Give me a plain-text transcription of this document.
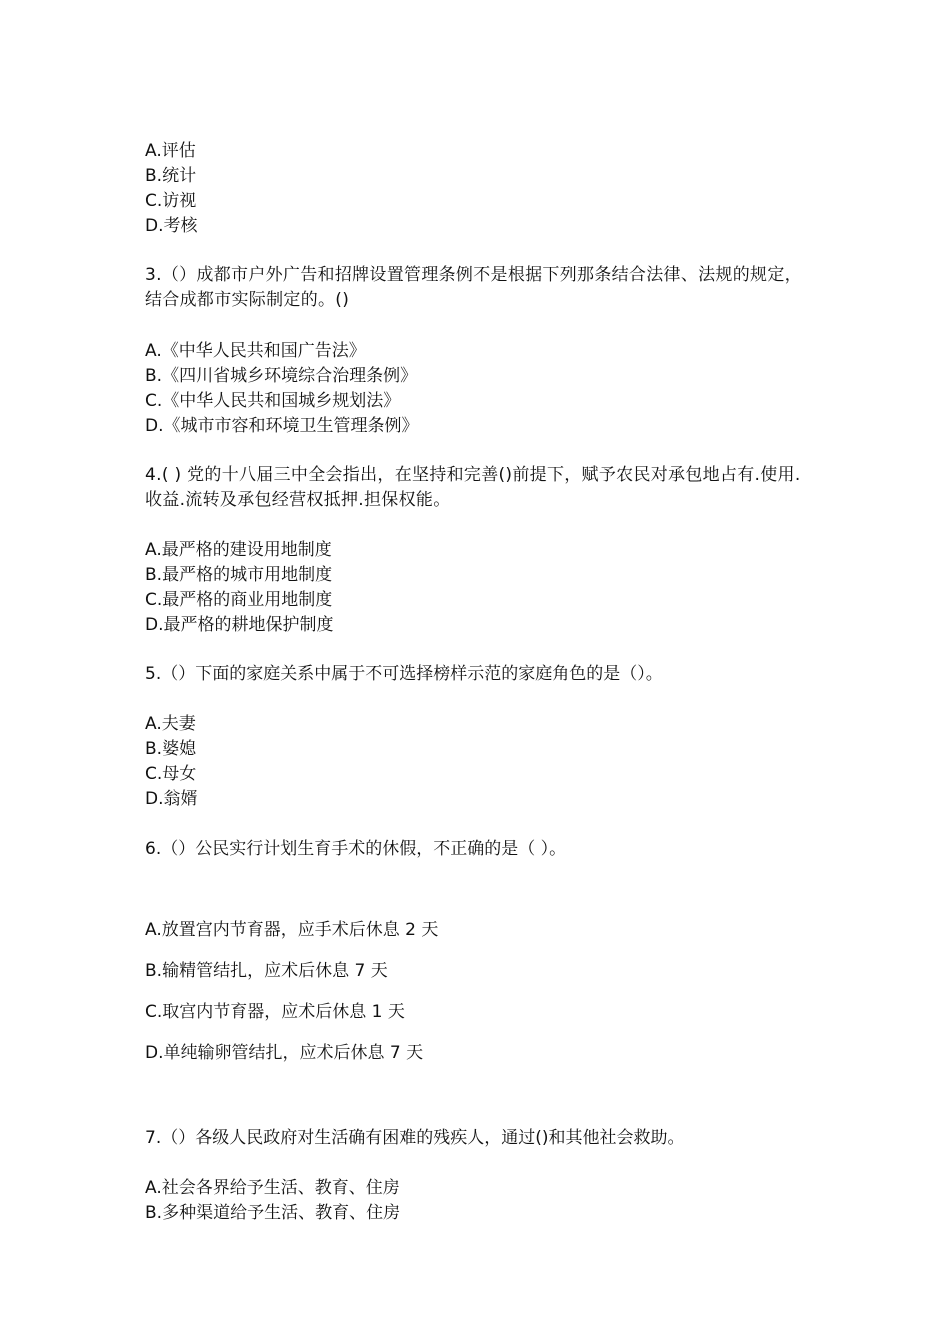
A.评估
B.统计
C.访视
D.考核
3.（）成都市户外广告和招牌设置管理条例不是根据下列那条结合法律、法规的规定，结合成都市实际制定的。()
A.《中华人民共和国广告法》
B.《四川省城乡环境综合治理条例》
C.《中华人民共和国城乡规划法》
D.《城市市容和环境卫生管理条例》
4.( ) 党的十八届三中全会指出，在坚持和完善()前提下，赋予农民对承包地占有.使用.收益.流转及承包经营权抵押.担保权能。
A.最严格的建设用地制度
B.最严格的城市用地制度
C.最严格的商业用地制度
D.最严格的耕地保护制度
5.（）下面的家庭关系中属于不可选择榜样示范的家庭角色的是（）。
A.夫妻
B.婆媳
C.母女
D.翁婿
6.（）公民实行计划生育手术的休假，不正确的是（ ）。
A.放置宫内节育器，应手术后休息 2 天
B.输精管结扎，应术后休息 7 天
C.取宫内节育器，应术后休息 1 天
D.单纯输卵管结扎，应术后休息 7 天
7.（）各级人民政府对生活确有困难的残疾人，通过()和其他社会救助。
A.社会各界给予生活、教育、住房
B.多种渠道给予生活、教育、住房
